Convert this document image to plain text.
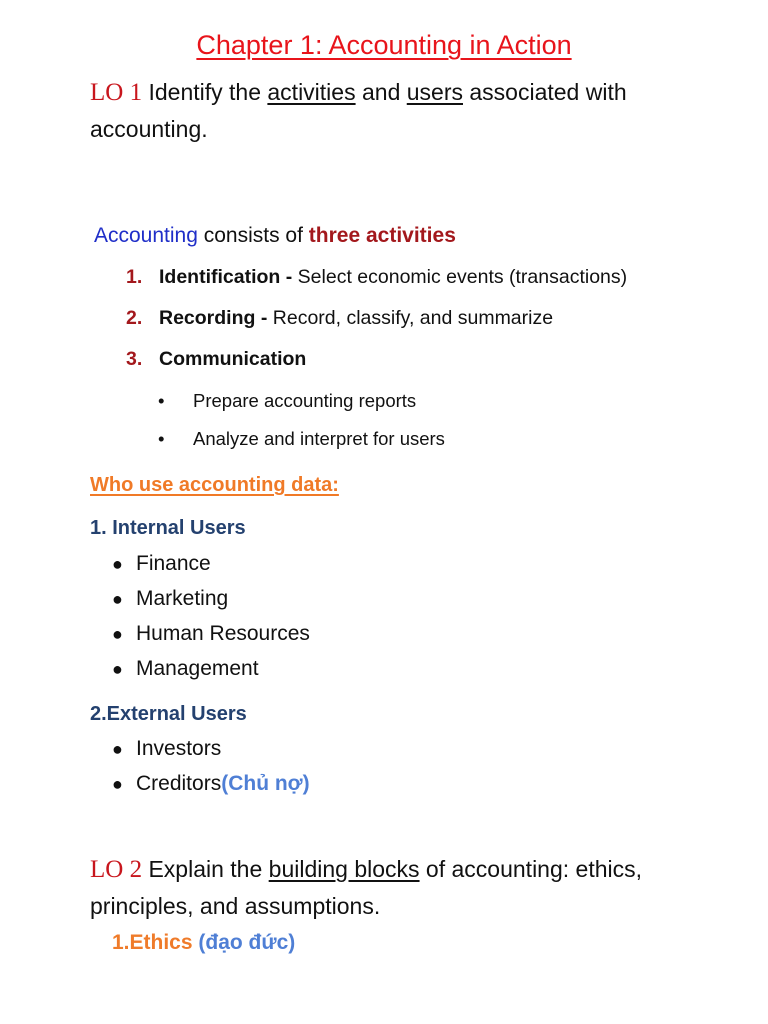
Chapter 1: Accounting in Action
LO 1 Identify the activities and users associated with accounting.
Accounting consists of three activities
1. Identification - Select economic events (transactions)
2. Recording - Record, classify, and summarize
3. Communication
•	Prepare accounting reports
•	Analyze and interpret for users
Who use accounting data:
1. Internal Users
● Finance
● Marketing
● Human Resources
● Management
2.External Users
● Investors
● Creditors (Chủ nợ)
LO 2 Explain the building blocks of accounting: ethics, principles, and assumptions.
1.Ethics (đạo đức)
